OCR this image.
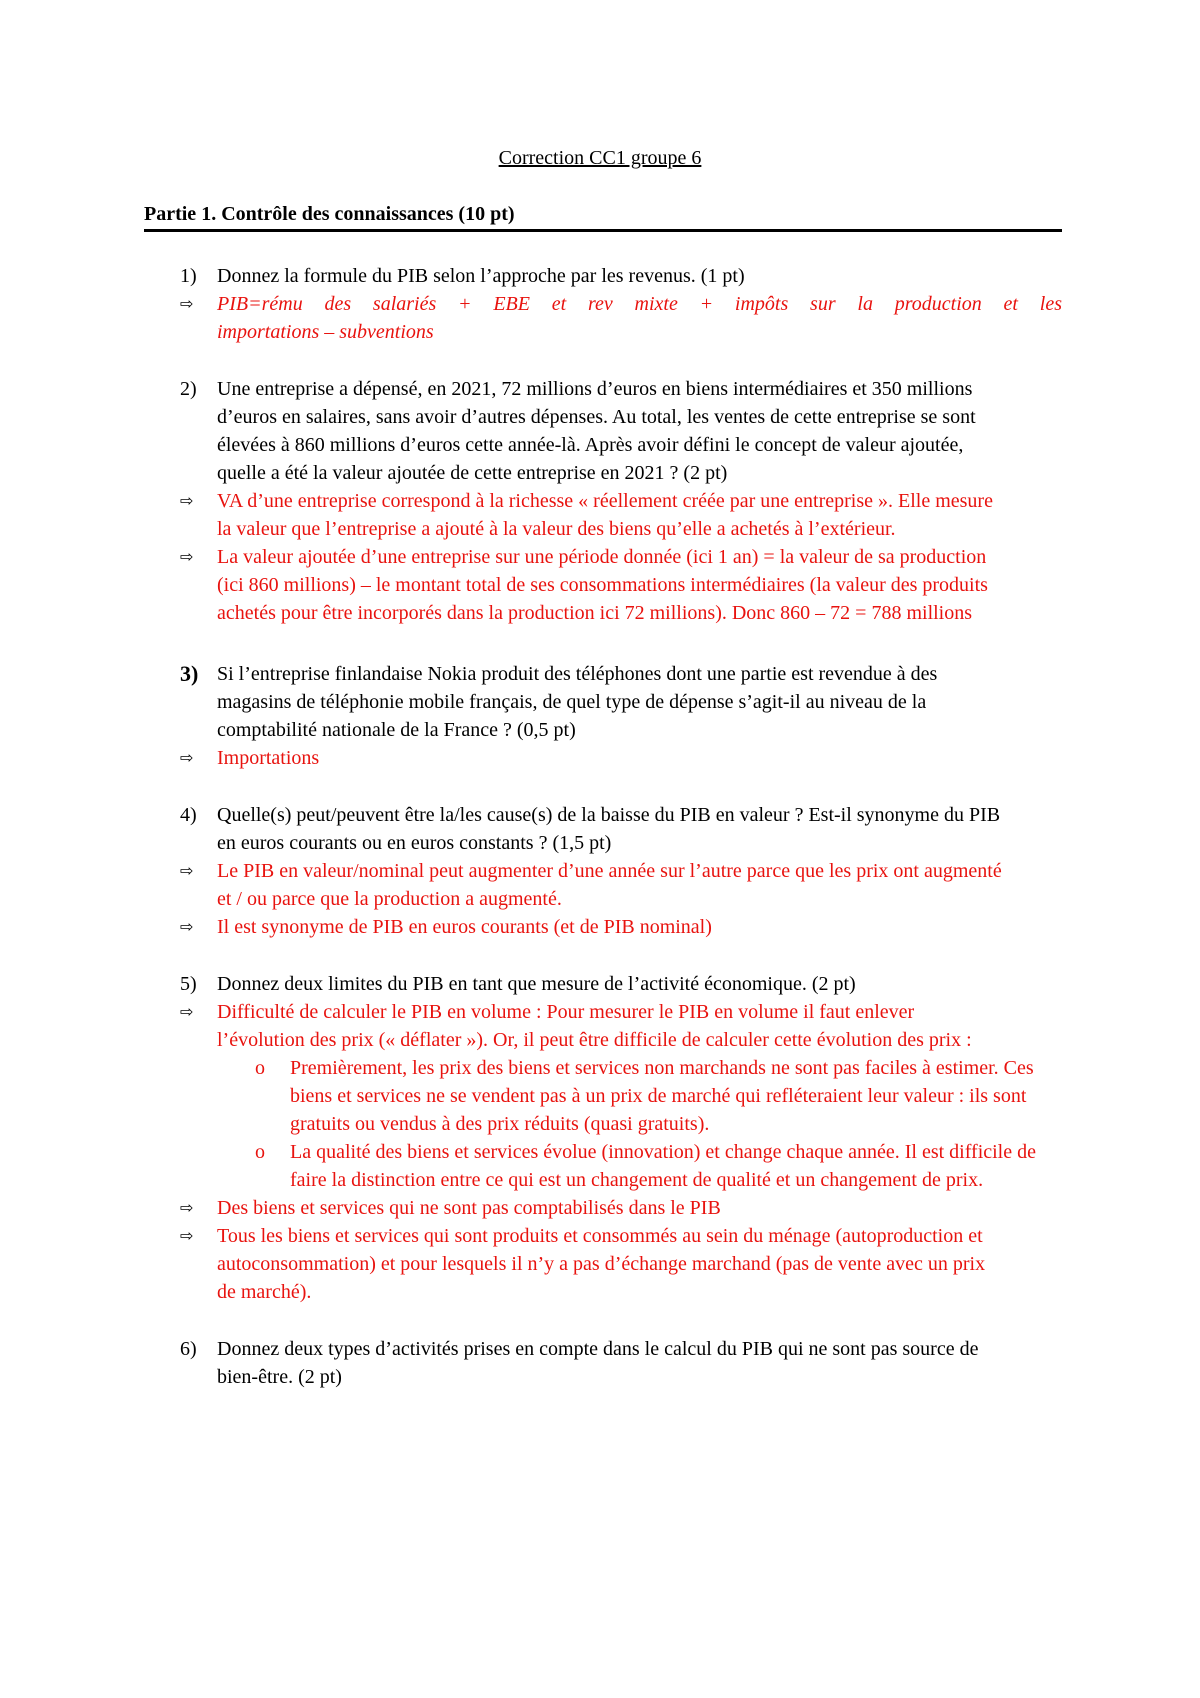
Correction CC1 groupe 6
Partie 1. Contrôle des connaissances (10 pt)
1) Donnez la formule du PIB selon l’approche par les revenus. (1 pt)
⇨ PIB=rému des salariés + EBE et rev mixte + impôts sur la production et les
importations – subventions
2) Une entreprise a dépensé, en 2021, 72 millions d’euros en biens intermédiaires et 350 millions d’euros en salaires, sans avoir d’autres dépenses. Au total, les ventes de cette entreprise se sont élevées à 860 millions d’euros cette année-là. Après avoir défini le concept de valeur ajoutée, quelle a été la valeur ajoutée de cette entreprise en 2021 ? (2 pt)
⇨ VA d’une entreprise correspond à la richesse « réellement créée par une entreprise ». Elle mesure la valeur que l’entreprise a ajouté à la valeur des biens qu’elle a achetés à l’extérieur.
⇨ La valeur ajoutée d’une entreprise sur une période donnée (ici 1 an) = la valeur de sa production (ici 860 millions) – le montant total de ses consommations intermédiaires (la valeur des produits achetés pour être incorporés dans la production ici 72 millions). Donc 860 – 72 = 788 millions
3) Si l’entreprise finlandaise Nokia produit des téléphones dont une partie est revendue à des magasins de téléphonie mobile français, de quel type de dépense s’agit-il au niveau de la comptabilité nationale de la France ? (0,5 pt)
⇨ Importations
4) Quelle(s) peut/peuvent être la/les cause(s) de la baisse du PIB en valeur ? Est-il synonyme du PIB en euros courants ou en euros constants ? (1,5 pt)
⇨ Le PIB en valeur/nominal peut augmenter d’une année sur l’autre parce que les prix ont augmenté et / ou parce que la production a augmenté.
⇨ Il est synonyme de PIB en euros courants (et de PIB nominal)
5) Donnez deux limites du PIB en tant que mesure de l’activité économique. (2 pt)
⇨ Difficulté de calculer le PIB en volume : Pour mesurer le PIB en volume il faut enlever l’évolution des prix (« déflater »). Or, il peut être difficile de calculer cette évolution des prix :
o Premièrement, les prix des biens et services non marchands ne sont pas faciles à estimer. Ces biens et services ne se vendent pas à un prix de marché qui refléteraient leur valeur : ils sont gratuits ou vendus à des prix réduits (quasi gratuits).
o La qualité des biens et services évolue (innovation) et change chaque année. Il est difficile de faire la distinction entre ce qui est un changement de qualité et un changement de prix.
⇨ Des biens et services qui ne sont pas comptabilisés dans le PIB
⇨ Tous les biens et services qui sont produits et consommés au sein du ménage (autoproduction et autoconsommation) et pour lesquels il n’y a pas d’échange marchand (pas de vente avec un prix de marché).
6) Donnez deux types d’activités prises en compte dans le calcul du PIB qui ne sont pas source de bien-être. (2 pt)
